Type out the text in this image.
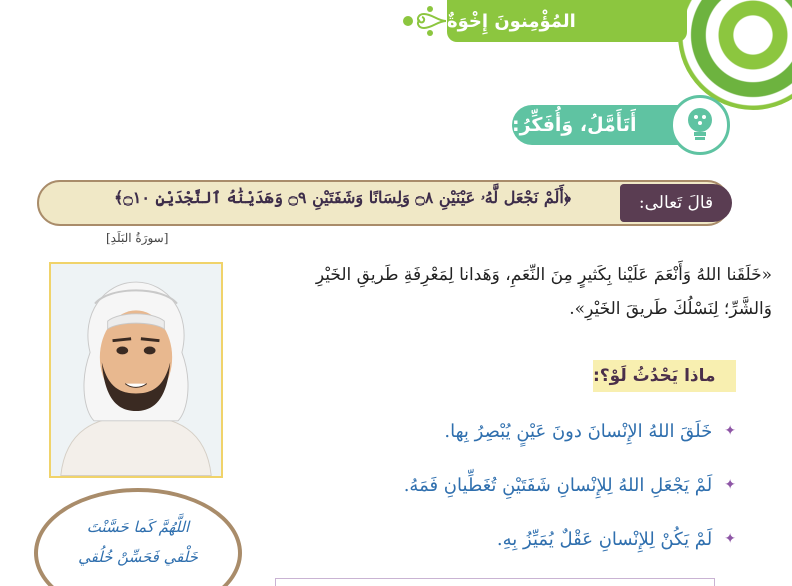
المُؤْمِنونَ إِخْوَةٌ
أَتَأَمَّلُ، وَأُفَكِّرُ:
قالَ تَعالى:
﴿أَلَمْ نَجْعَل لَّهُۥ عَيْنَيْنِ ۝٨ وَلِسَانًا وَشَفَتَيْنِ ۝٩ وَهَدَيْنَٰهُ ٱلنَّجْدَيْنِ ۝١٠﴾
[سورَةُ البَلَدِ]
اللَّهُمَّ كَما حَسَّنْتَ
خَلْقي فَحَسِّنْ خُلُقي
«خَلَقَنا اللهُ وَأَنْعَمَ عَلَيْنا بِكَثيرٍ مِنَ النِّعَمِ، وَهَدانا لِمَعْرِفَةِ طَريقِ الخَيْرِ
وَالشَّرِّ؛ لِنَسْلُكَ طَريقَ الخَيْرِ».
ماذا يَحْدُثُ لَوْ؟:
✦
خَلَقَ اللهُ الإِنْسانَ دونَ عَيْنٍ يُبْصِرُ بِها.
✦
لَمْ يَجْعَلِ اللهُ لِلإِنْسانِ شَفَتَيْنِ تُغَطِّيانِ فَمَهُ.
✦
لَمْ يَكُنْ لِلإِنْسانِ عَقْلٌ يُمَيِّزُ بِهِ.
